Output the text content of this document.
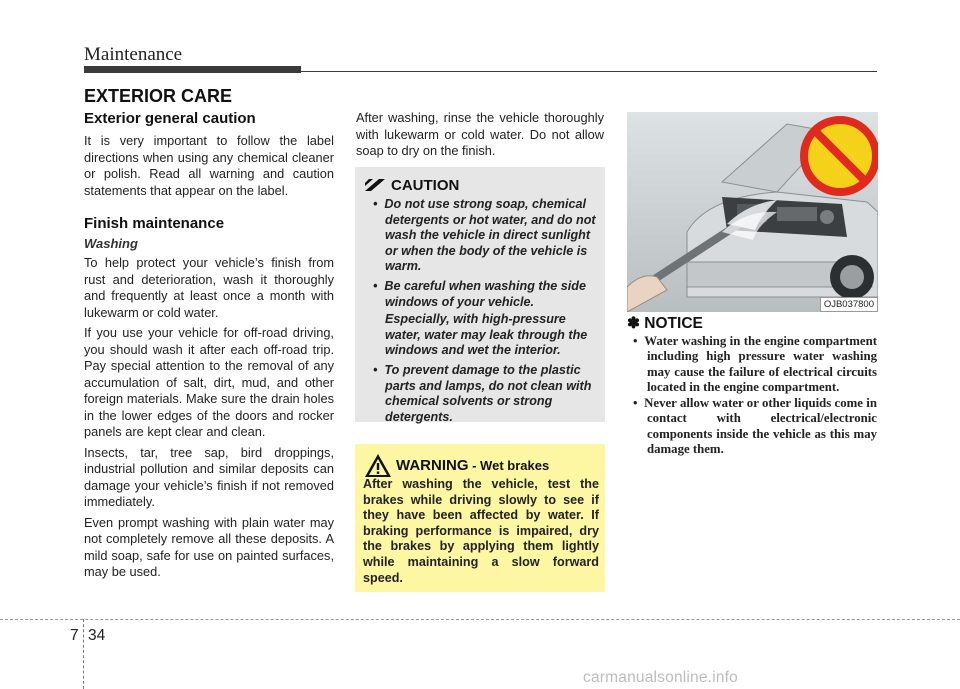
Maintenance
EXTERIOR CARE
Exterior general caution

It is very important to follow the label directions when using any chemical cleaner or polish. Read all warning and caution statements that appear on the label.

Finish maintenance
Washing

To help protect your vehicle’s finish from rust and deterioration, wash it thoroughly and frequently at least once a month with lukewarm or cold water.

If you use your vehicle for off-road driving, you should wash it after each off-road trip. Pay special attention to the removal of any accumulation of salt, dirt, mud, and other foreign materials. Make sure the drain holes in the lower edges of the doors and rocker panels are kept clear and clean.

Insects, tar, tree sap, bird droppings, industrial pollution and similar deposits can damage your vehicle’s finish if not removed immediately.

Even prompt washing with plain water may not completely remove all these deposits. A mild soap, safe for use on painted surfaces, may be used.

After washing, rinse the vehicle thoroughly with lukewarm or cold water. Do not allow soap to dry on the finish.

CAUTION
•  Do not use strong soap, chemical detergents or hot water, and do not wash the vehicle in direct sunlight or when the body of the vehicle is warm.
•  Be careful when washing the side windows of your vehicle.
Especially, with high-pressure water, water may leak through the windows and wet the interior.
•  To prevent damage to the plastic parts and lamps, do not clean with chemical solvents or strong detergents.
WARNING - Wet brakes
After washing the vehicle, test the brakes while driving slowly to see if they have been affected by water. If braking performance is impaired, dry the brakes by applying them lightly while maintaining a slow forward speed.
OJB037800
✽ NOTICE
•  Water washing in the engine compartment including high pressure water washing may cause the failure of electrical circuits located in the engine compartment.
•  Never allow water or other liquids come in contact with electrical/electronic components inside the vehicle as this may damage them.
7 34
carmanualsonline.info
